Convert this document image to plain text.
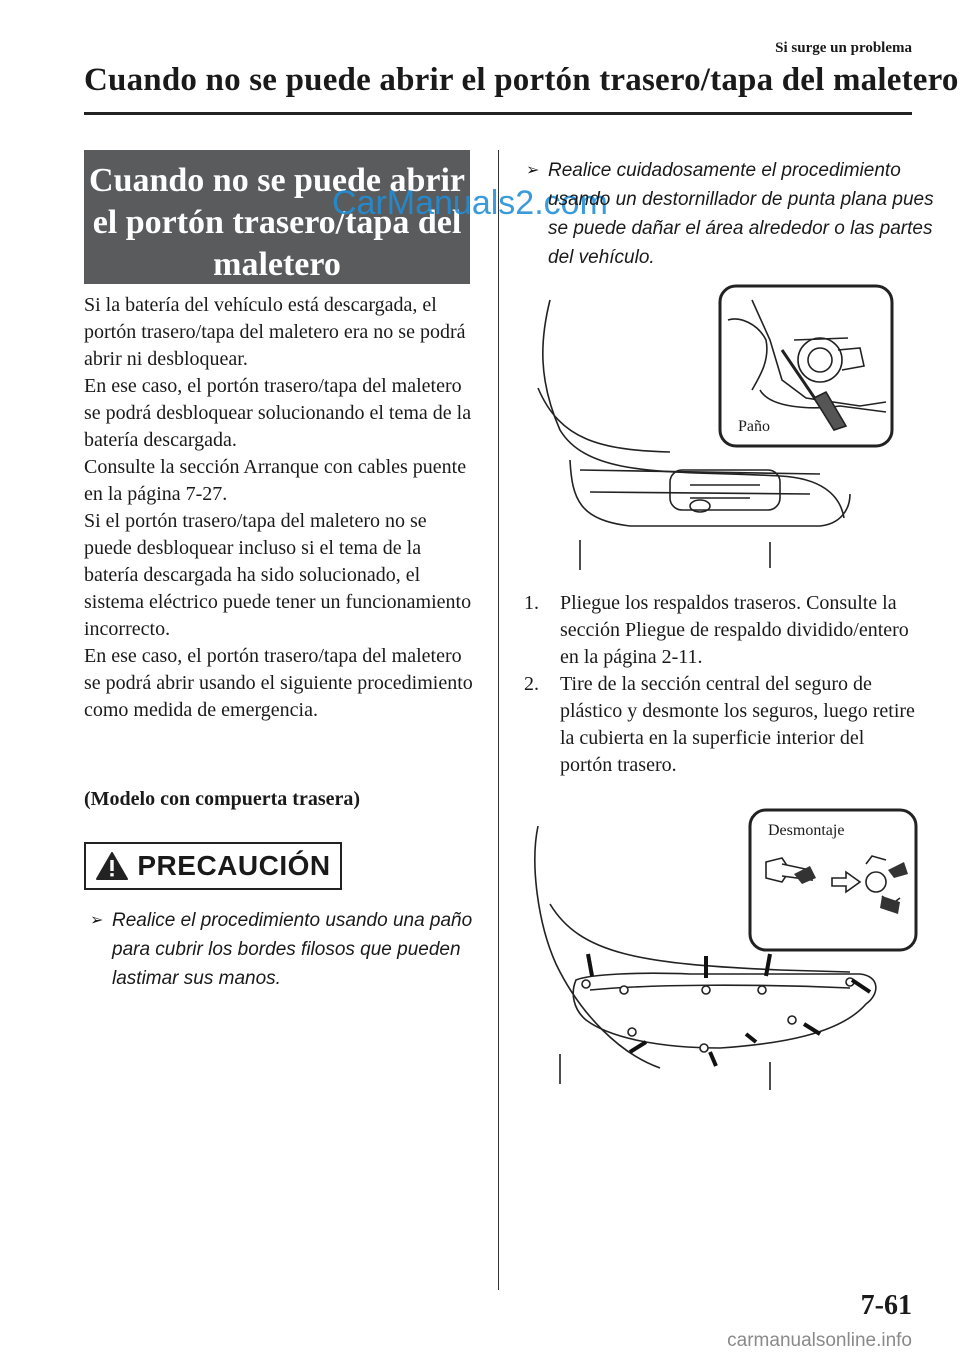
Si surge un problema
Cuando no se puede abrir el portón trasero/tapa del maletero
Cuando no se puede abrir
el portón trasero/tapa del
maletero
CarManuals2.com
Si la batería del vehículo está descargada, el portón trasero/tapa del maletero era no se podrá abrir ni desbloquear.
En ese caso, el portón trasero/tapa del maletero se podrá desbloquear solucionando el tema de la batería descargada.
Consulte la sección Arranque con cables puente en la página 7-27.
Si el portón trasero/tapa del maletero no se puede desbloquear incluso si el tema de la batería descargada ha sido solucionado, el sistema eléctrico puede tener un funcionamiento incorrecto.
En ese caso, el portón trasero/tapa del maletero se podrá abrir usando el siguiente procedimiento como medida de emergencia.
(Modelo con compuerta trasera)
PRECAUCIÓN
➢ Realice el procedimiento usando una paño para cubrir los bordes filosos que pueden lastimar sus manos.
➢ Realice cuidadosamente el procedimiento usando un destornillador de punta plana pues se puede dañar el área alrededor o las partes del vehículo.
Paño
1. Pliegue los respaldos traseros. Consulte la sección Pliegue de respaldo dividido/entero en la página 2-11.
2. Tire de la sección central del seguro de plástico y desmonte los seguros, luego retire la cubierta en la superficie interior del portón trasero.
Desmontaje
7-61
carmanualsonline.info
